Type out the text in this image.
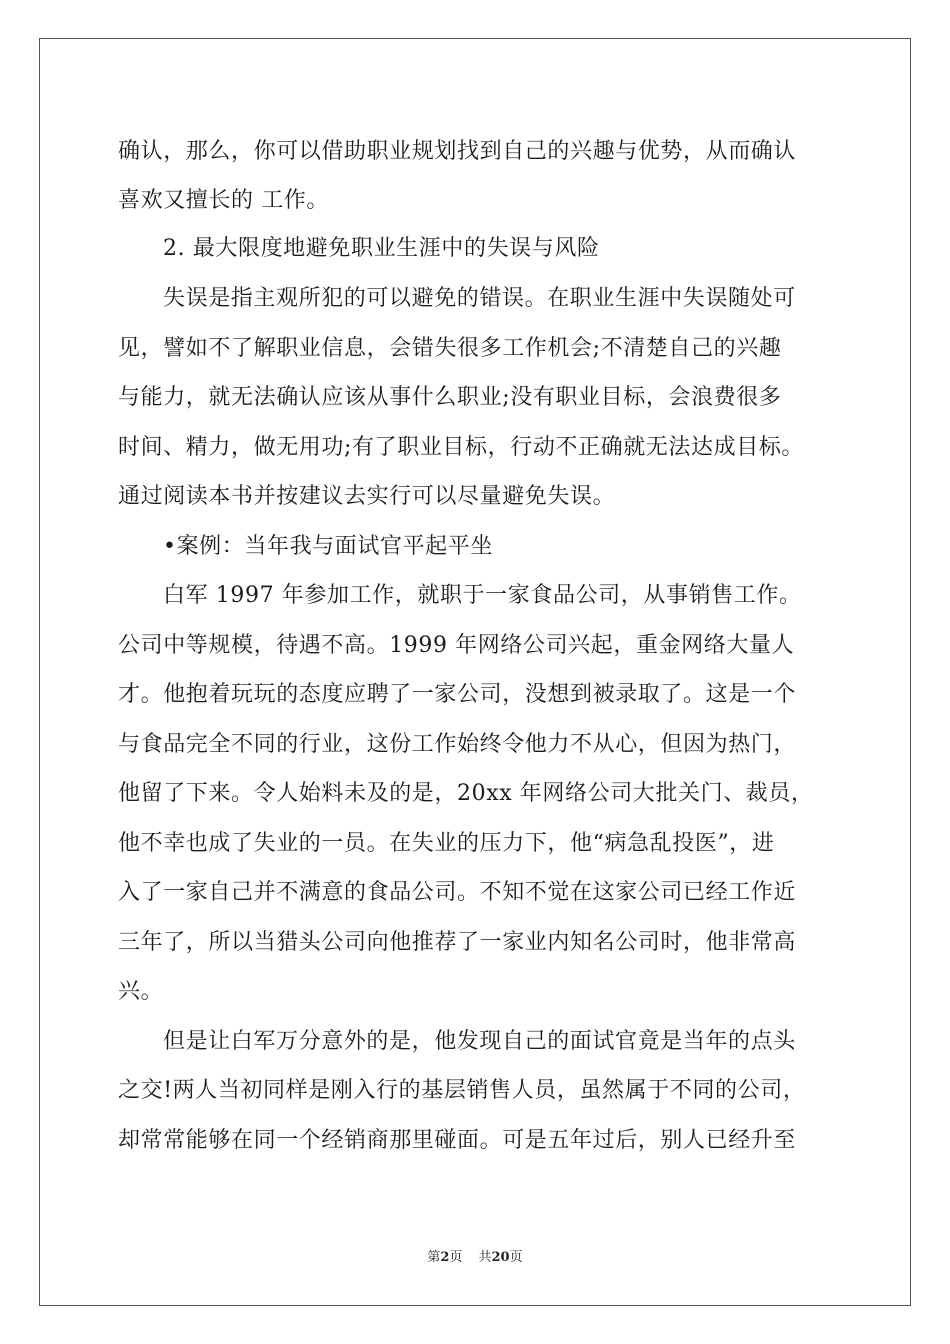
确认，那么，你可以借助职业规划找到自己的兴趣与优势，从而确认
喜欢又擅长的 工作。
2. 最大限度地避免职业生涯中的失误与风险
失误是指主观所犯的可以避免的错误。在职业生涯中失误随处可
见，譬如不了解职业信息，会错失很多工作机会;不清楚自己的兴趣
与能力，就无法确认应该从事什么职业;没有职业目标，会浪费很多
时间、精力，做无用功;有了职业目标，行动不正确就无法达成目标。
通过阅读本书并按建议去实行可以尽量避免失误。
•案例：当年我与面试官平起平坐
白军 1997 年参加工作，就职于一家食品公司，从事销售工作。
公司中等规模，待遇不高。1999 年网络公司兴起，重金网络大量人
才。他抱着玩玩的态度应聘了一家公司，没想到被录取了。这是一个
与食品完全不同的行业，这份工作始终令他力不从心，但因为热门，
他留了下来。令人始料未及的是，20xx 年网络公司大批关门、裁员，
他不幸也成了失业的一员。在失业的压力下，他“病急乱投医”，进
入了一家自己并不满意的食品公司。不知不觉在这家公司已经工作近
三年了，所以当猎头公司向他推荐了一家业内知名公司时，他非常高
兴。
但是让白军万分意外的是，他发现自己的面试官竟是当年的点头
之交!两人当初同样是刚入行的基层销售人员，虽然属于不同的公司，
却常常能够在同一个经销商那里碰面。可是五年过后，别人已经升至
第2页 共20页
